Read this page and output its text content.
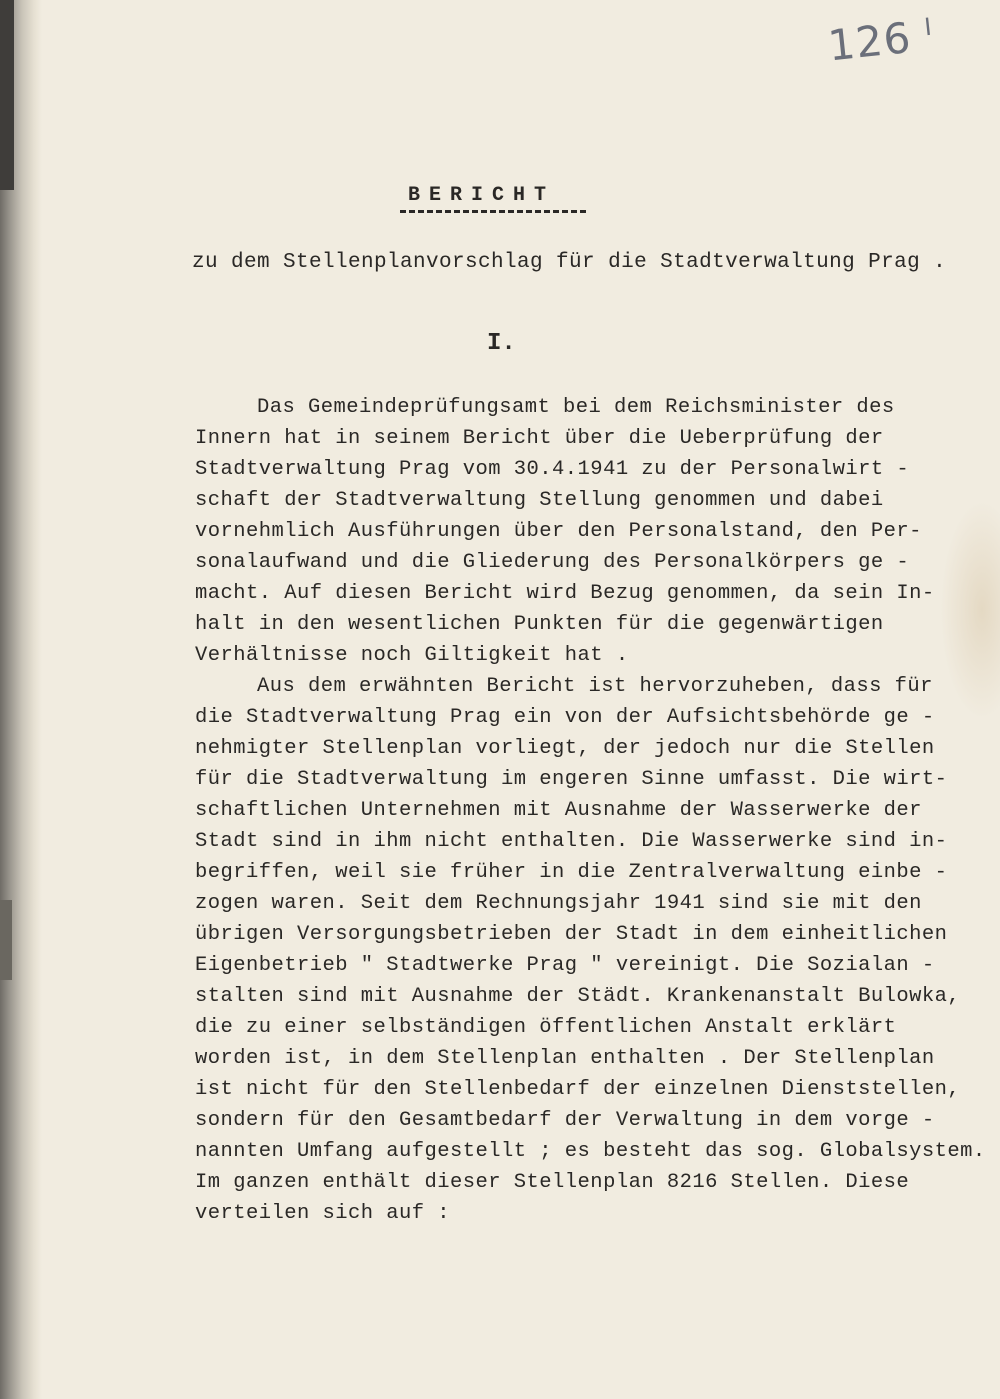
126 $^I$
BERICHT
zu dem Stellenplanvorschlag für die Stadtverwaltung Prag .
I.
Das Gemeindeprüfungsamt bei dem Reichsminister des
Innern hat in seinem Bericht über die Ueberprüfung der
Stadtverwaltung Prag vom 30.4.1941 zu der Personalwirt -
schaft der Stadtverwaltung Stellung genommen und dabei
vornehmlich Ausführungen über den Personalstand, den Per-
sonalaufwand und die Gliederung des Personalkörpers ge -
macht. Auf diesen Bericht wird Bezug genommen, da sein In-
halt in den wesentlichen Punkten für die gegenwärtigen
Verhältnisse noch Giltigkeit hat .
Aus dem erwähnten Bericht ist hervorzuheben, dass für
die Stadtverwaltung Prag ein von der Aufsichtsbehörde ge -
nehmigter Stellenplan vorliegt, der jedoch nur die Stellen
für die Stadtverwaltung im engeren Sinne umfasst. Die wirt-
schaftlichen Unternehmen mit Ausnahme der Wasserwerke der
Stadt sind in ihm nicht enthalten. Die Wasserwerke sind in-
begriffen, weil sie früher in die Zentralverwaltung einbe -
zogen waren. Seit dem Rechnungsjahr 1941 sind sie mit den
übrigen Versorgungsbetrieben der Stadt in dem einheitlichen
Eigenbetrieb " Stadtwerke Prag " vereinigt. Die Sozialan -
stalten sind mit Ausnahme der Städt. Krankenanstalt Bulowka,
die zu einer selbständigen öffentlichen Anstalt erklärt
worden ist, in dem Stellenplan enthalten . Der Stellenplan
ist nicht für den Stellenbedarf der einzelnen Dienststellen,
sondern für den Gesamtbedarf der Verwaltung in dem vorge -
nannten Umfang aufgestellt ; es besteht das sog. Globalsystem.
Im ganzen enthält dieser Stellenplan 8216 Stellen. Diese
verteilen sich auf :
